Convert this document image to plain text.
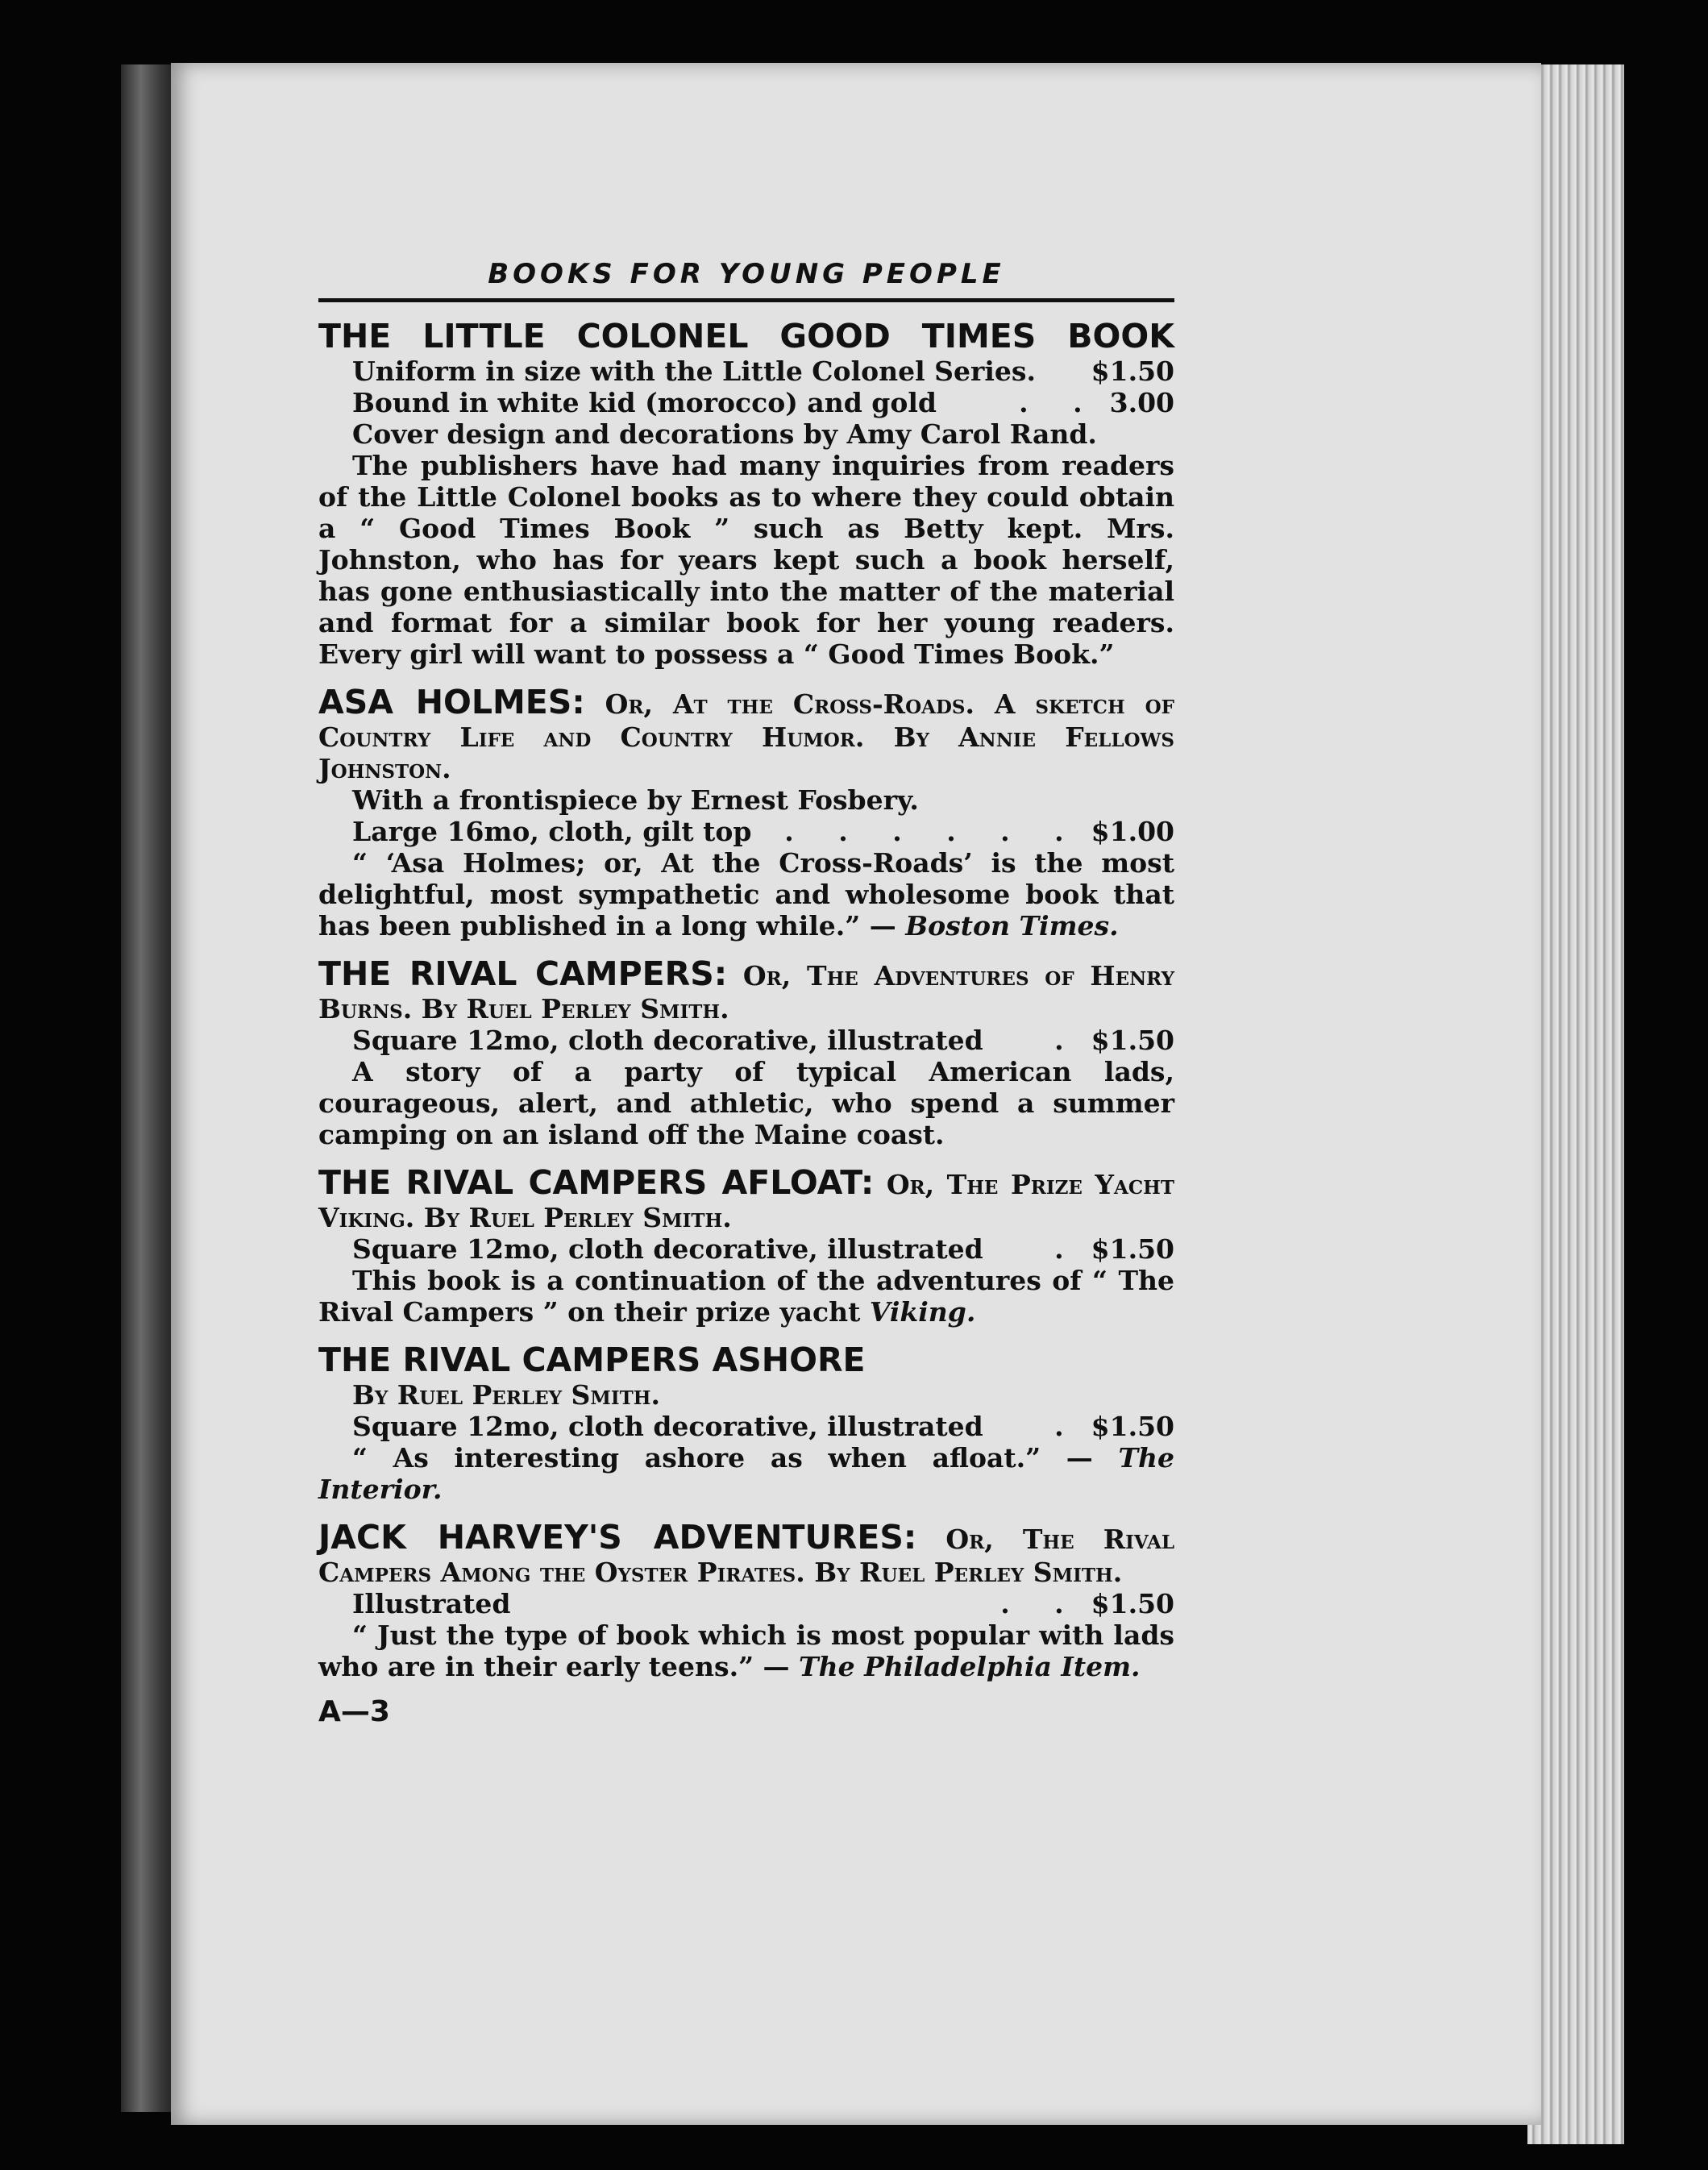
BOOKS FOR YOUNG PEOPLE
THE LITTLE COLONEL GOOD TIMES BOOK
Uniform in size with the Little Colonel Series. $1.50
Bound in white kid (morocco) and gold	. . 3.00
Cover design and decorations by Amy Carol Rand.
The publishers have had many inquiries from readers of the Little Colonel books as to where they could obtain a “ Good Times Book ” such as Betty kept. Mrs. Johnston, who has for years kept such a book herself, has gone enthusiastically into the matter of the material and format for a similar book for her young readers. Every girl will want to possess a “ Good Times Book.”
ASA HOLMES: Or, At the Cross-Roads. A sketch of Country Life and Country Humor. By Annie Fellows Johnston.
With a frontispiece by Ernest Fosbery.
Large 16mo, cloth, gilt top	. . . . . . $1.00
“ ‘Asa Holmes; or, At the Cross-Roads’ is the most delightful, most sympathetic and wholesome book that has been published in a long while.” — Boston Times.
THE RIVAL CAMPERS: Or, The Adventures of Henry Burns. By Ruel Perley Smith.
Square 12mo, cloth decorative, illustrated	. $1.50
A story of a party of typical American lads, courageous, alert, and athletic, who spend a summer camping on an island off the Maine coast.
THE RIVAL CAMPERS AFLOAT: Or, The Prize Yacht Viking. By Ruel Perley Smith.
Square 12mo, cloth decorative, illustrated	. $1.50
This book is a continuation of the adventures of “ The Rival Campers ” on their prize yacht Viking.
THE RIVAL CAMPERS ASHORE
By Ruel Perley Smith.
Square 12mo, cloth decorative, illustrated	. $1.50
“ As interesting ashore as when afloat.” — The Interior.
JACK HARVEY'S ADVENTURES: Or, The Rival Campers Among the Oyster Pirates. By Ruel Perley Smith.
Illustrated	. . $1.50
“ Just the type of book which is most popular with lads who are in their early teens.” — The Philadelphia Item.
A—3
